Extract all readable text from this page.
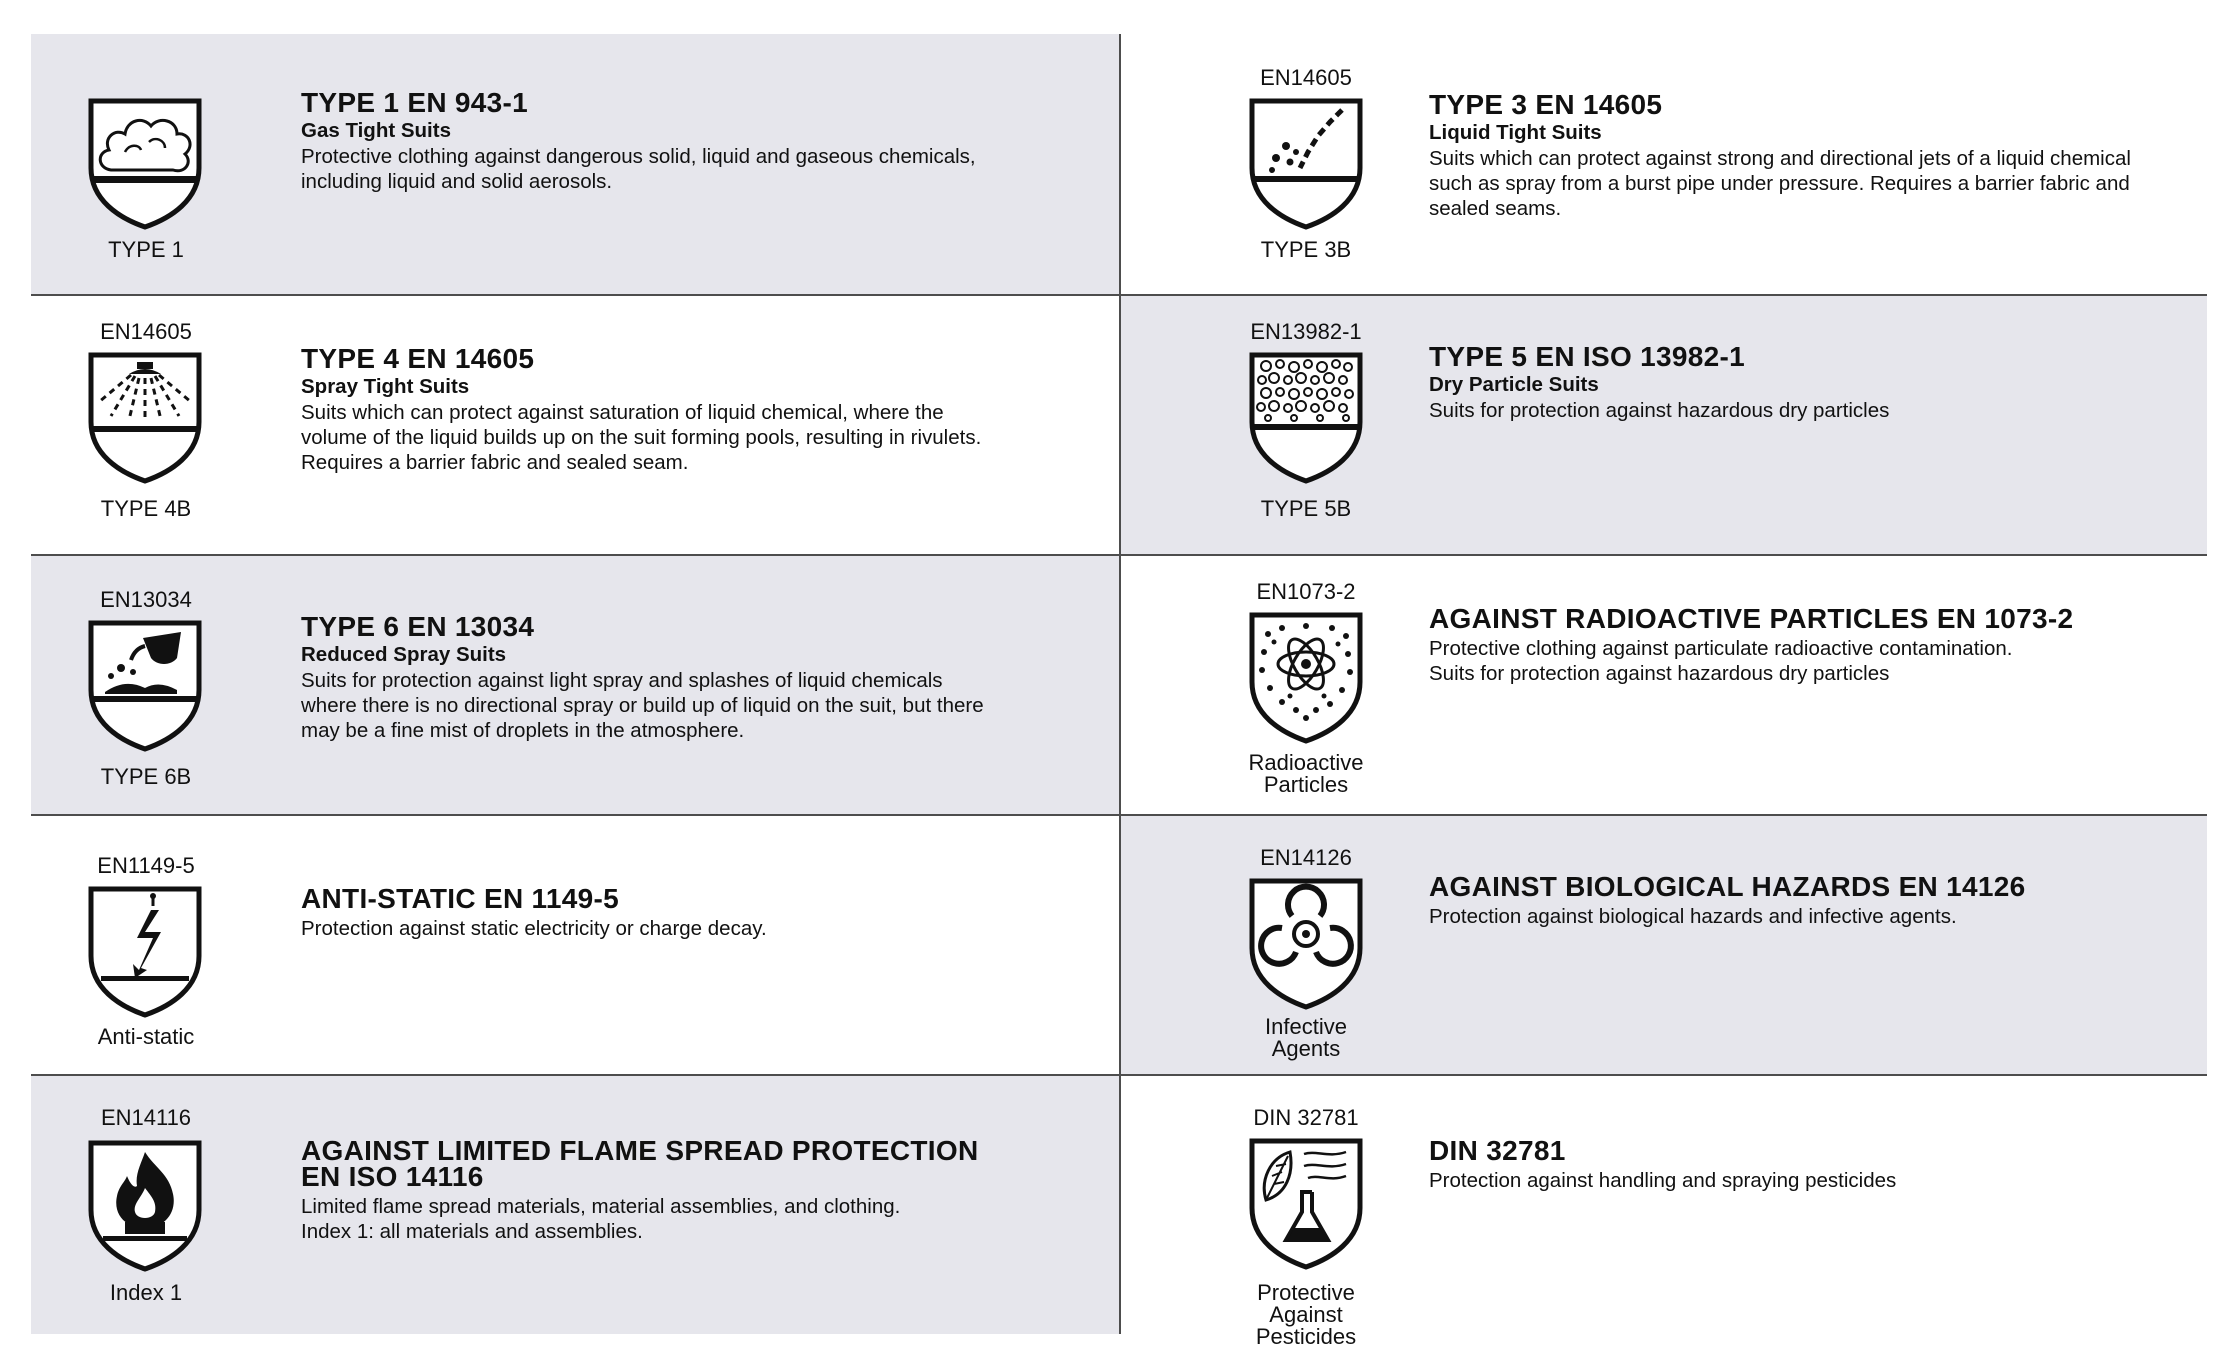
TYPE 1
TYPE 1 EN 943-1
Gas Tight Suits
Protective clothing against dangerous solid, liquid and gaseous chemicals,
including liquid and solid aerosols.
EN14605
TYPE 3B
TYPE 3 EN 14605
Liquid Tight Suits
Suits which can protect against strong and directional jets of a liquid chemical
such as spray from a burst pipe under pressure. Requires a barrier fabric and
sealed seams.
EN14605
TYPE 4B
TYPE 4 EN 14605
Spray Tight Suits
Suits which can protect against saturation of liquid chemical, where the
volume of the liquid builds up on the suit forming pools, resulting in rivulets.
Requires a barrier fabric and sealed seam.
EN13982-1
TYPE 5B
TYPE 5 EN ISO 13982-1
Dry Particle Suits
Suits for protection against hazardous dry particles
EN13034
TYPE 6B
TYPE 6 EN 13034
Reduced Spray Suits
Suits for protection against light spray and splashes of liquid chemicals
where there is no directional spray or build up of liquid on the suit, but there
may be a fine mist of droplets in the atmosphere.
EN1073-2
Radioactive
Particles
AGAINST RADIOACTIVE PARTICLES EN 1073-2
Protective clothing against particulate radioactive contamination.
Suits for protection against hazardous dry particles
EN1149-5
Anti-static
ANTI-STATIC EN 1149-5
Protection against static electricity or charge decay.
EN14126
Infective
Agents
AGAINST BIOLOGICAL HAZARDS EN 14126
Protection against biological hazards and infective agents.
EN14116
Index 1
AGAINST LIMITED FLAME SPREAD PROTECTION
EN ISO 14116
Limited flame spread materials, material assemblies, and clothing.
Index 1: all materials and assemblies.
DIN 32781
Protective Against
Pesticides
DIN 32781
Protection against handling and spraying pesticides
